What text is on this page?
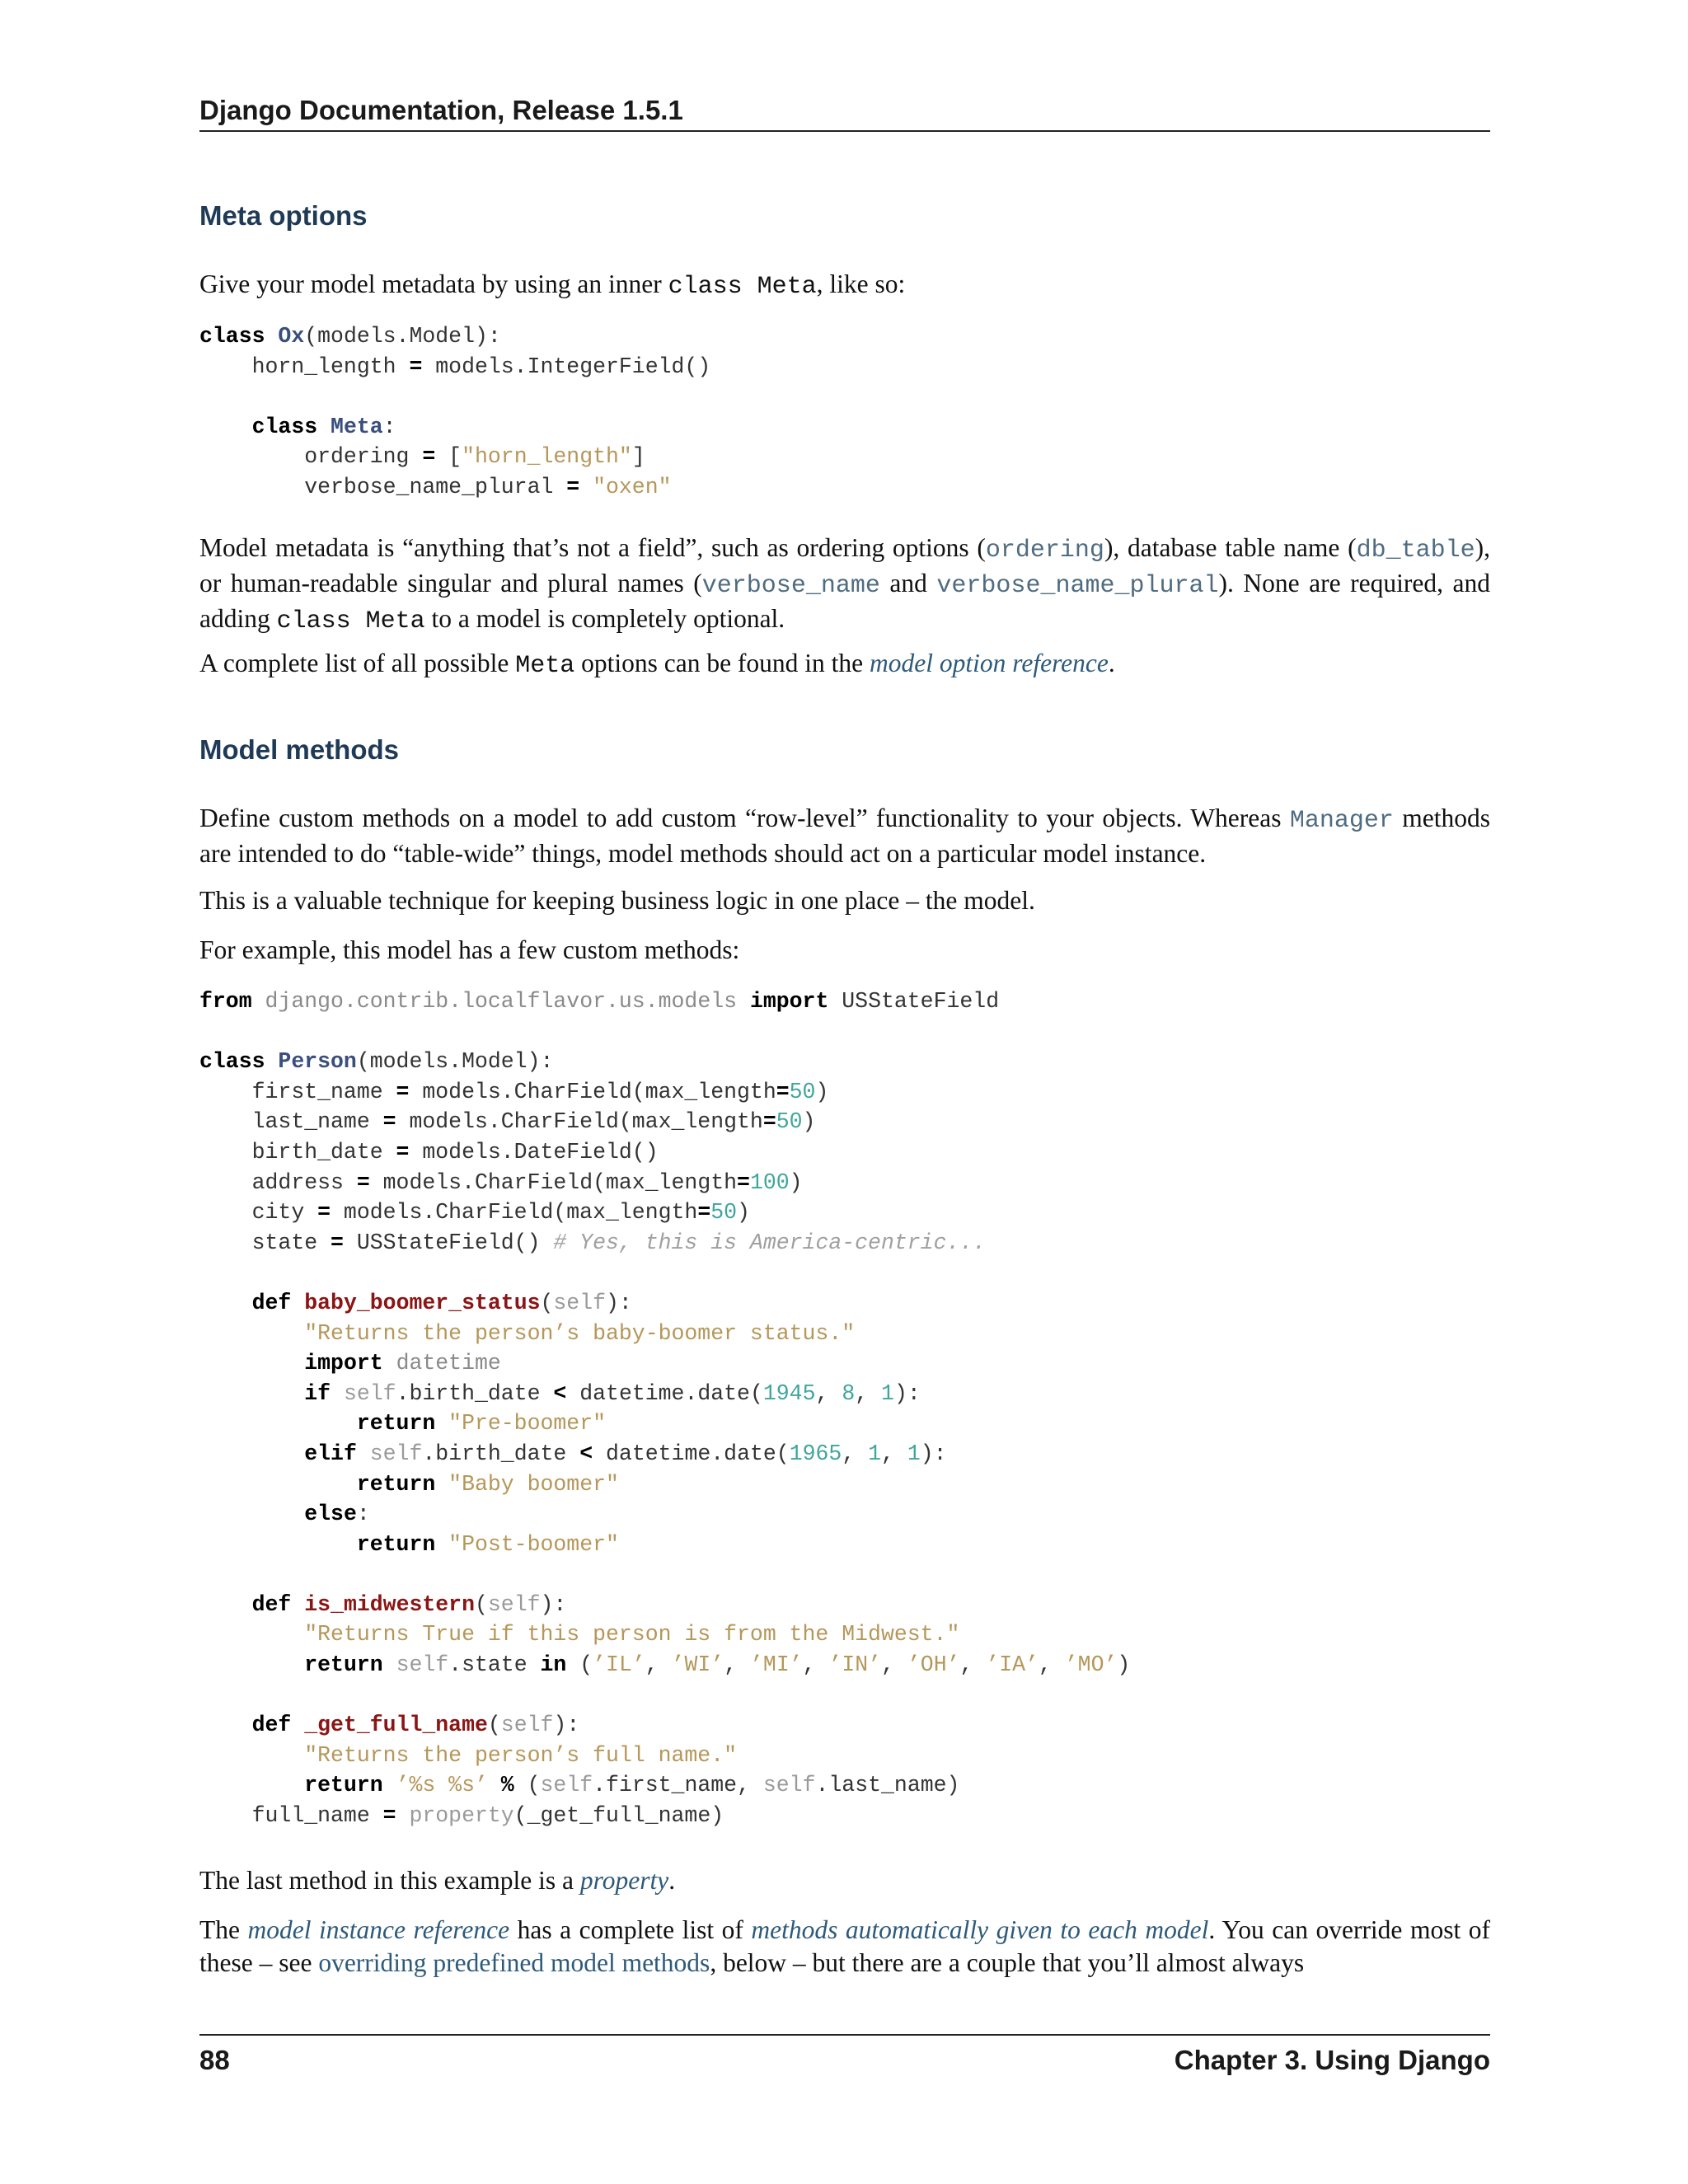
Django Documentation, Release 1.5.1
Meta options

Give your model metadata by using an inner class Meta, like so:

class Ox(models.Model):
horn_length = models.IntegerField()

class Meta:
ordering = ["horn_length"]
verbose_name_plural = "oxen"

Model metadata is “anything that’s not a field”, such as ordering options (ordering), database table name (db_table), or human-readable singular and plural names (verbose_name and verbose_name_plural). None are required, and adding class Meta to a model is completely optional.

A complete list of all possible Meta options can be found in the model option reference.

Model methods

Define custom methods on a model to add custom “row-level” functionality to your objects. Whereas Manager methods are intended to do “table-wide” things, model methods should act on a particular model instance.

This is a valuable technique for keeping business logic in one place – the model.

For example, this model has a few custom methods:

from django.contrib.localflavor.us.models import USStateField

class Person(models.Model):
first_name = models.CharField(max_length=50)
last_name = models.CharField(max_length=50)
birth_date = models.DateField()
address = models.CharField(max_length=100)
city = models.CharField(max_length=50)
state = USStateField() # Yes, this is America-centric...

def baby_boomer_status(self):
"Returns the person’s baby-boomer status."
import datetime
if self.birth_date < datetime.date(1945, 8, 1):
return "Pre-boomer"
elif self.birth_date < datetime.date(1965, 1, 1):
return "Baby boomer"
else:
return "Post-boomer"

def is_midwestern(self):
"Returns True if this person is from the Midwest."
return self.state in (’IL’, ’WI’, ’MI’, ’IN’, ’OH’, ’IA’, ’MO’)

def _get_full_name(self):
"Returns the person’s full name."
return ’%s %s’ % (self.first_name, self.last_name)
full_name = property(_get_full_name)

The last method in this example is a property.

The model instance reference has a complete list of methods automatically given to each model. You can override most of these – see overriding predefined model methods, below – but there are a couple that you’ll almost always

88	Chapter 3. Using Django
